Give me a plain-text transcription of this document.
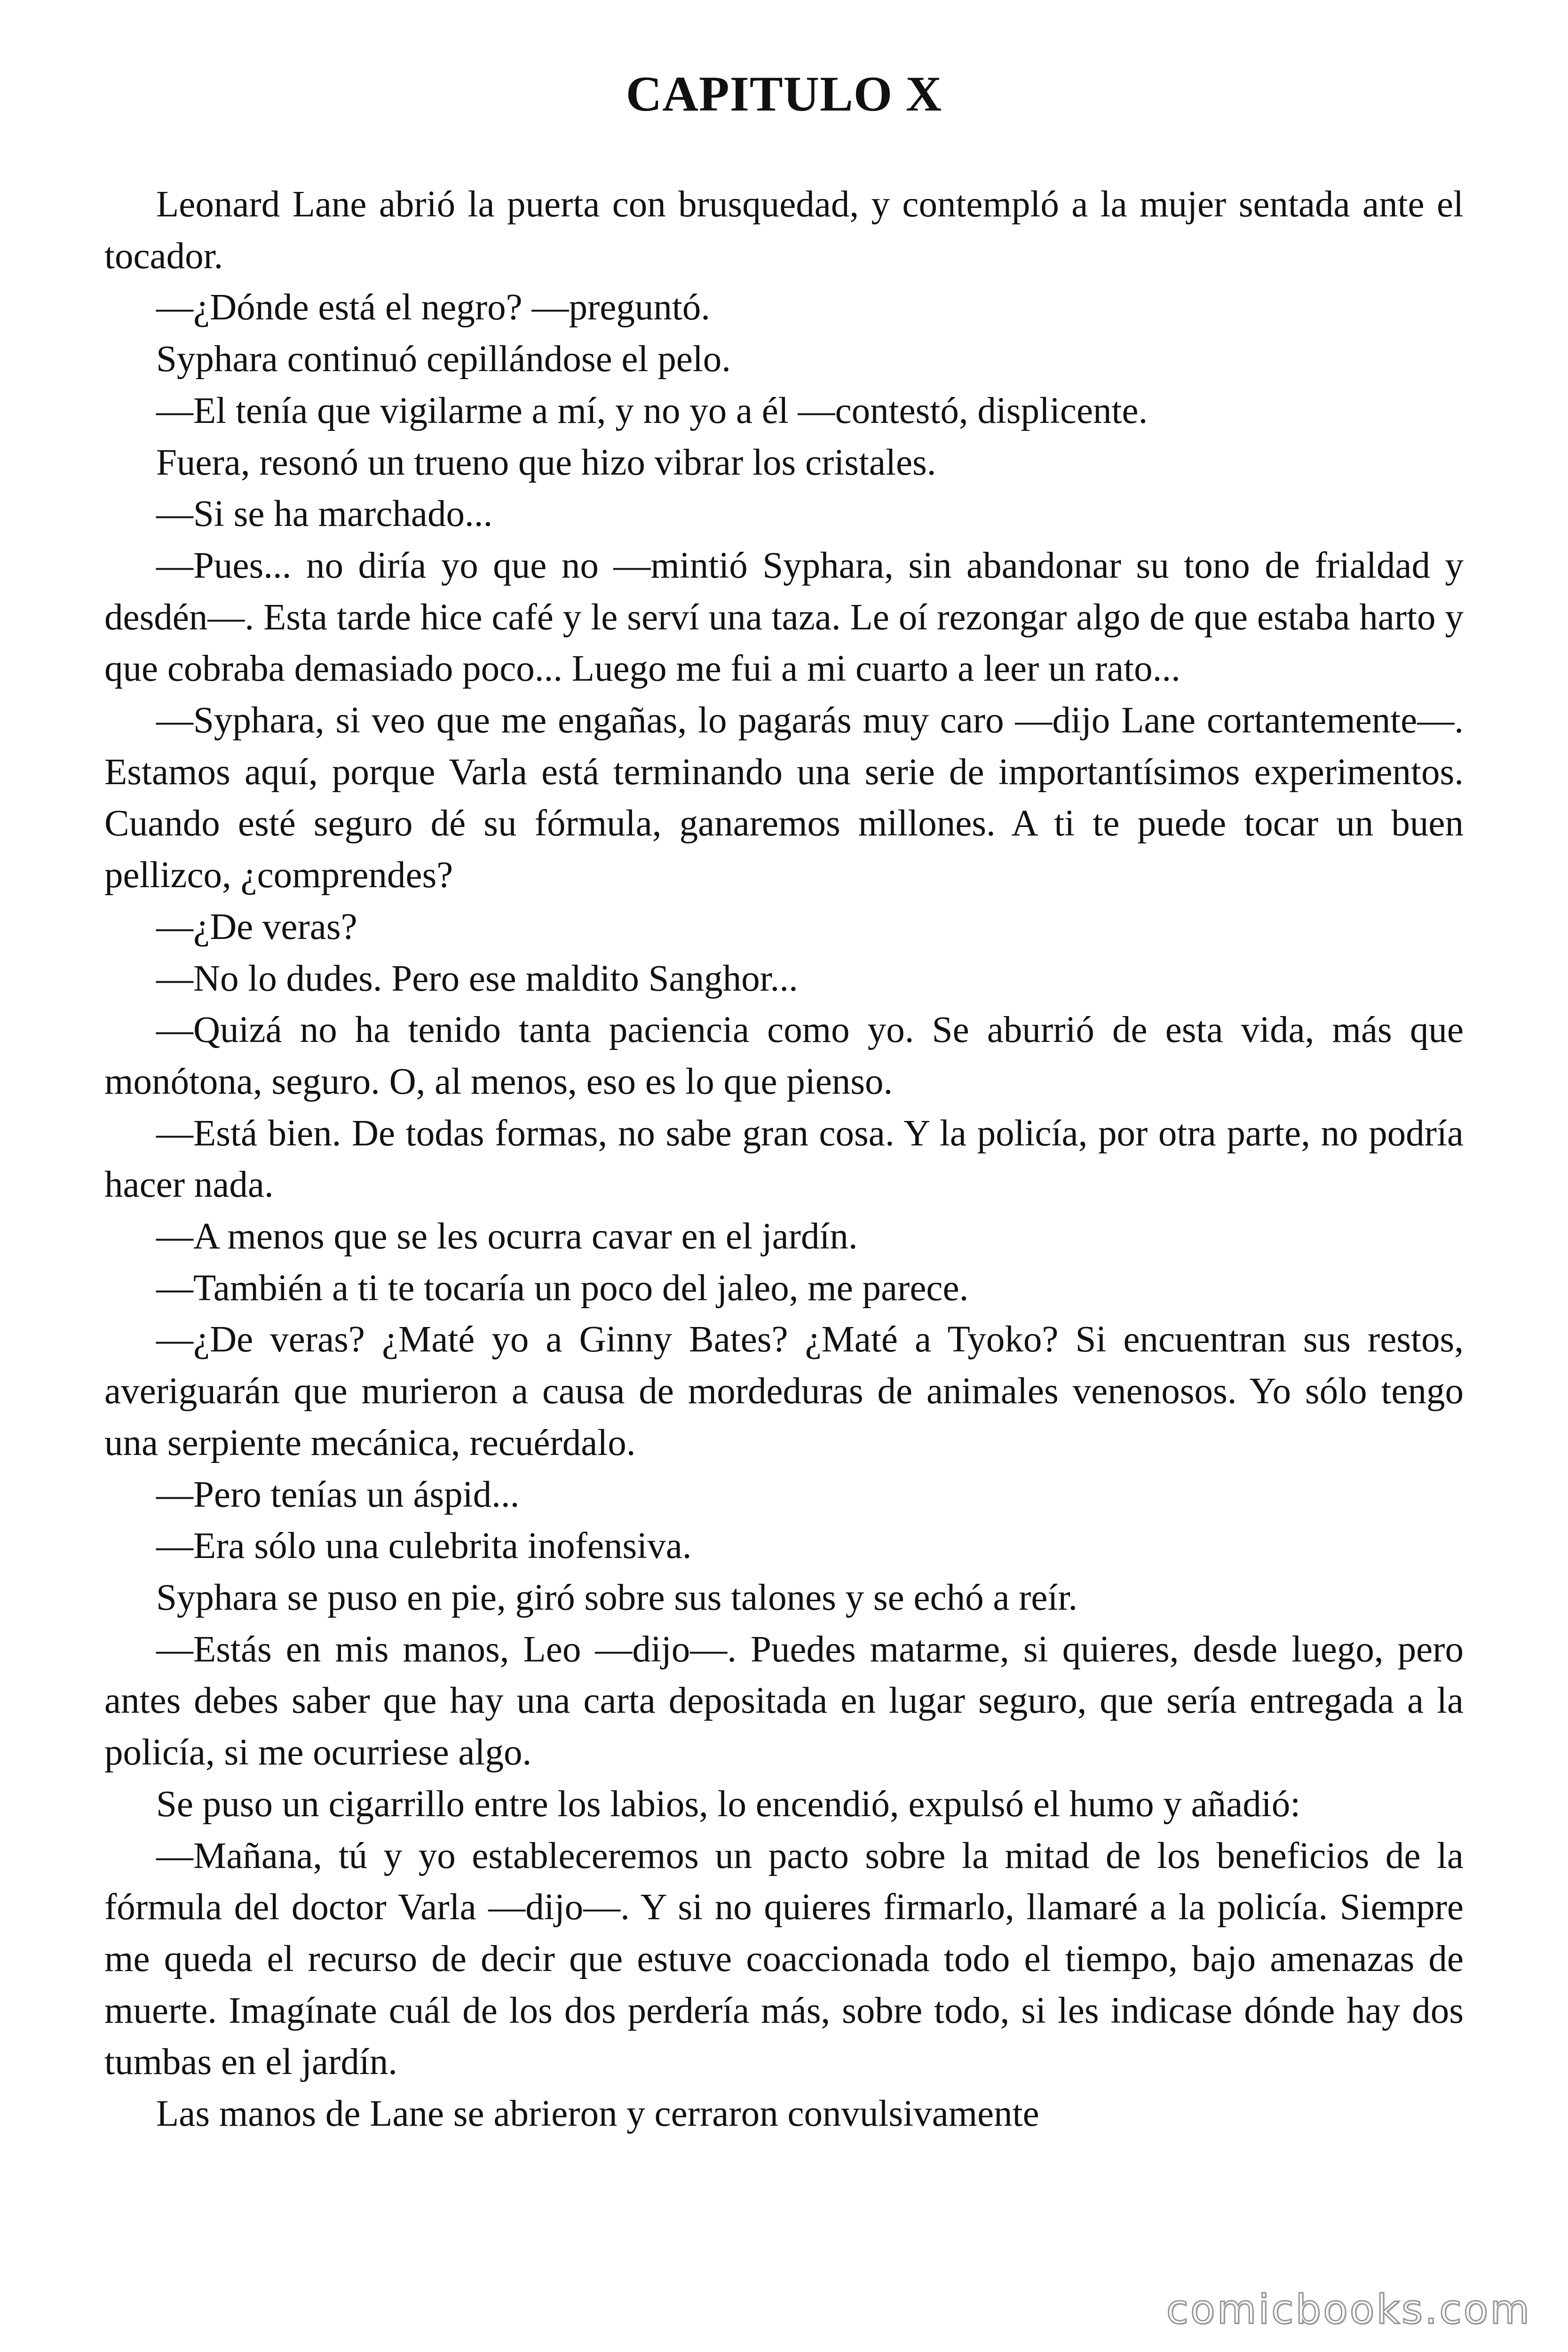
CAPITULO X

Leonard Lane abrió la puerta con brusquedad, y contempló a la mujer sentada ante el tocador.

—¿Dónde está el negro? —preguntó.

Syphara continuó cepillándose el pelo.

—El tenía que vigilarme a mí, y no yo a él —contestó, displicente.

Fuera, resonó un trueno que hizo vibrar los cristales.

—Si se ha marchado...

—Pues... no diría yo que no —mintió Syphara, sin abandonar su tono de frialdad y desdén—. Esta tarde hice café y le serví una taza. Le oí rezongar algo de que estaba harto y que cobraba demasiado poco... Luego me fui a mi cuarto a leer un rato...

—Syphara, si veo que me engañas, lo pagarás muy caro —dijo Lane cortantemente—. Estamos aquí, porque Varla está terminando una serie de importantísimos experimentos. Cuando esté seguro dé su fórmula, ganaremos millones. A ti te puede tocar un buen pellizco, ¿comprendes?

—¿De veras?

—No lo dudes. Pero ese maldito Sanghor...

—Quizá no ha tenido tanta paciencia como yo. Se aburrió de esta vida, más que monótona, seguro. O, al menos, eso es lo que pienso.

—Está bien. De todas formas, no sabe gran cosa. Y la policía, por otra parte, no podría hacer nada.

—A menos que se les ocurra cavar en el jardín.

—También a ti te tocaría un poco del jaleo, me parece.

—¿De veras? ¿Maté yo a Ginny Bates? ¿Maté a Tyoko? Si encuentran sus restos, averiguarán que murieron a causa de mordeduras de animales venenosos. Yo sólo tengo una serpiente mecánica, recuérdalo.

—Pero tenías un áspid...

—Era sólo una culebrita inofensiva.

Syphara se puso en pie, giró sobre sus talones y se echó a reír.

—Estás en mis manos, Leo —dijo—. Puedes matarme, si quieres, desde luego, pero antes debes saber que hay una carta depositada en lugar seguro, que sería entregada a la policía, si me ocurriese algo.

Se puso un cigarrillo entre los labios, lo encendió, expulsó el humo y añadió:

—Mañana, tú y yo estableceremos un pacto sobre la mitad de los beneficios de la fórmula del doctor Varla —dijo—. Y si no quieres firmarlo, llamaré a la policía. Siempre me queda el recurso de decir que estuve coaccionada todo el tiempo, bajo amenazas de muerte. Imagínate cuál de los dos perdería más, sobre todo, si les indicase dónde hay dos tumbas en el jardín.

Las manos de Lane se abrieron y cerraron convulsivamente

comicbooks.com
